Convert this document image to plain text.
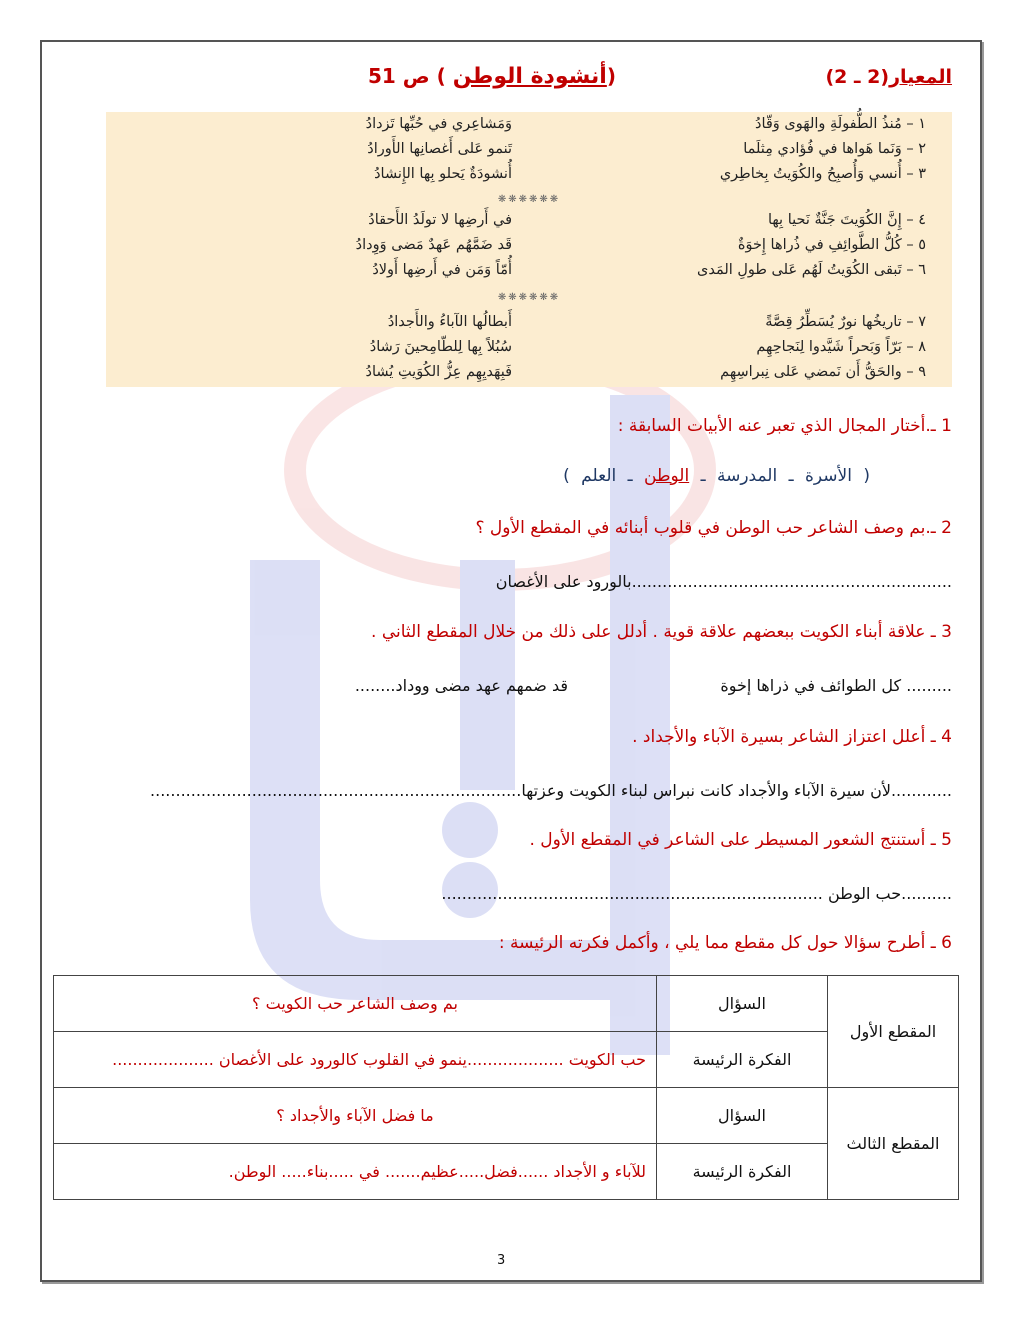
المعيار(2 ـ 2)
(أنشودة الوطن ) ص 51
١ – مُنذُ الطُّفولَةِ والهَوى وَقّادُ
وَمَشاعِري في حُبِّها تَزدادُ
٢ – وَنَما هَواها في فُؤادي مِثلَما
تَنمو عَلى أَغصانِها الأَورادُ
٣ – أُنسي وَأُصبِحُ والكُوَيتُ بِخاطِري
أُنشودَةٌ يَحلو بِها الإِنشادُ
❋❋❋❋❋❋
٤ – إِنَّ الكُوَيتَ جَنَّةٌ نَحيا بِها
في أَرضِها لا تولَدُ الأَحقادُ
٥ – كُلُّ الطَّوائِفِ في ذُراها إِخوَةٌ
قَد ضَمَّهُم عَهدٌ مَضى وَوِدادُ
٦ – تَبقى الكُوَيتُ لَهُم عَلى طولِ المَدى
أُمّاً وَمَن في أَرضِها أَولادُ
❋❋❋❋❋❋
٧ – تاريخُها نورٌ يُسَطِّرُ قِصَّةً
أَبطالُها الآباءُ والأَجدادُ
٨ – بَرّاً وَبَحراً شَيَّدوا لِنَجاحِهِم
سُبُلاً بِها لِلطّامِحينَ رَشادُ
٩ – والحَقُّ أَن نَمضي عَلى نِبراسِهِم
فَبِهَديِهِم عِزُّ الكُوَيتِ يُشادُ
1 ـ.أختار المجال الذي تعبر عنه الأبيات السابقة :
( الأسرة ـ المدرسة ـ الوطن ـ العلم )
2 ـ.بم وصف الشاعر حب الوطن في قلوب أبنائه في المقطع الأول ؟
...............................................................بالورود على الأغصان
3 ـ علاقة أبناء الكويت ببعضهم علاقة قوية . أدلل على ذلك من خلال المقطع الثاني .
......... كل الطوائف في ذراها إخوة
قد ضمهم عهد مضى ووداد........
4 ـ أعلل اعتزاز الشاعر بسيرة الآباء والأجداد .
............لأن سيرة الآباء والأجداد كانت نبراس لبناء الكويت وعزتها.........................................................................
5 ـ أستنتج الشعور المسيطر على الشاعر في المقطع الأول .
..........حب الوطن ...........................................................................
6 ـ أطرح سؤالا حول كل مقطع مما يلي ، وأكمل فكرته الرئيسة :
المقطع الأول	السؤال	بم وصف الشاعر حب الكويت ؟
	الفكرة الرئيسة	حب الكويت ...................ينمو في القلوب كالورود على الأغصان ....................
المقطع الثالث	السؤال	ما فضل الآباء والأجداد ؟
	الفكرة الرئيسة	للآباء و الأجداد ......فضل.....عظيم....... في .....بناء..... الوطن.
3
